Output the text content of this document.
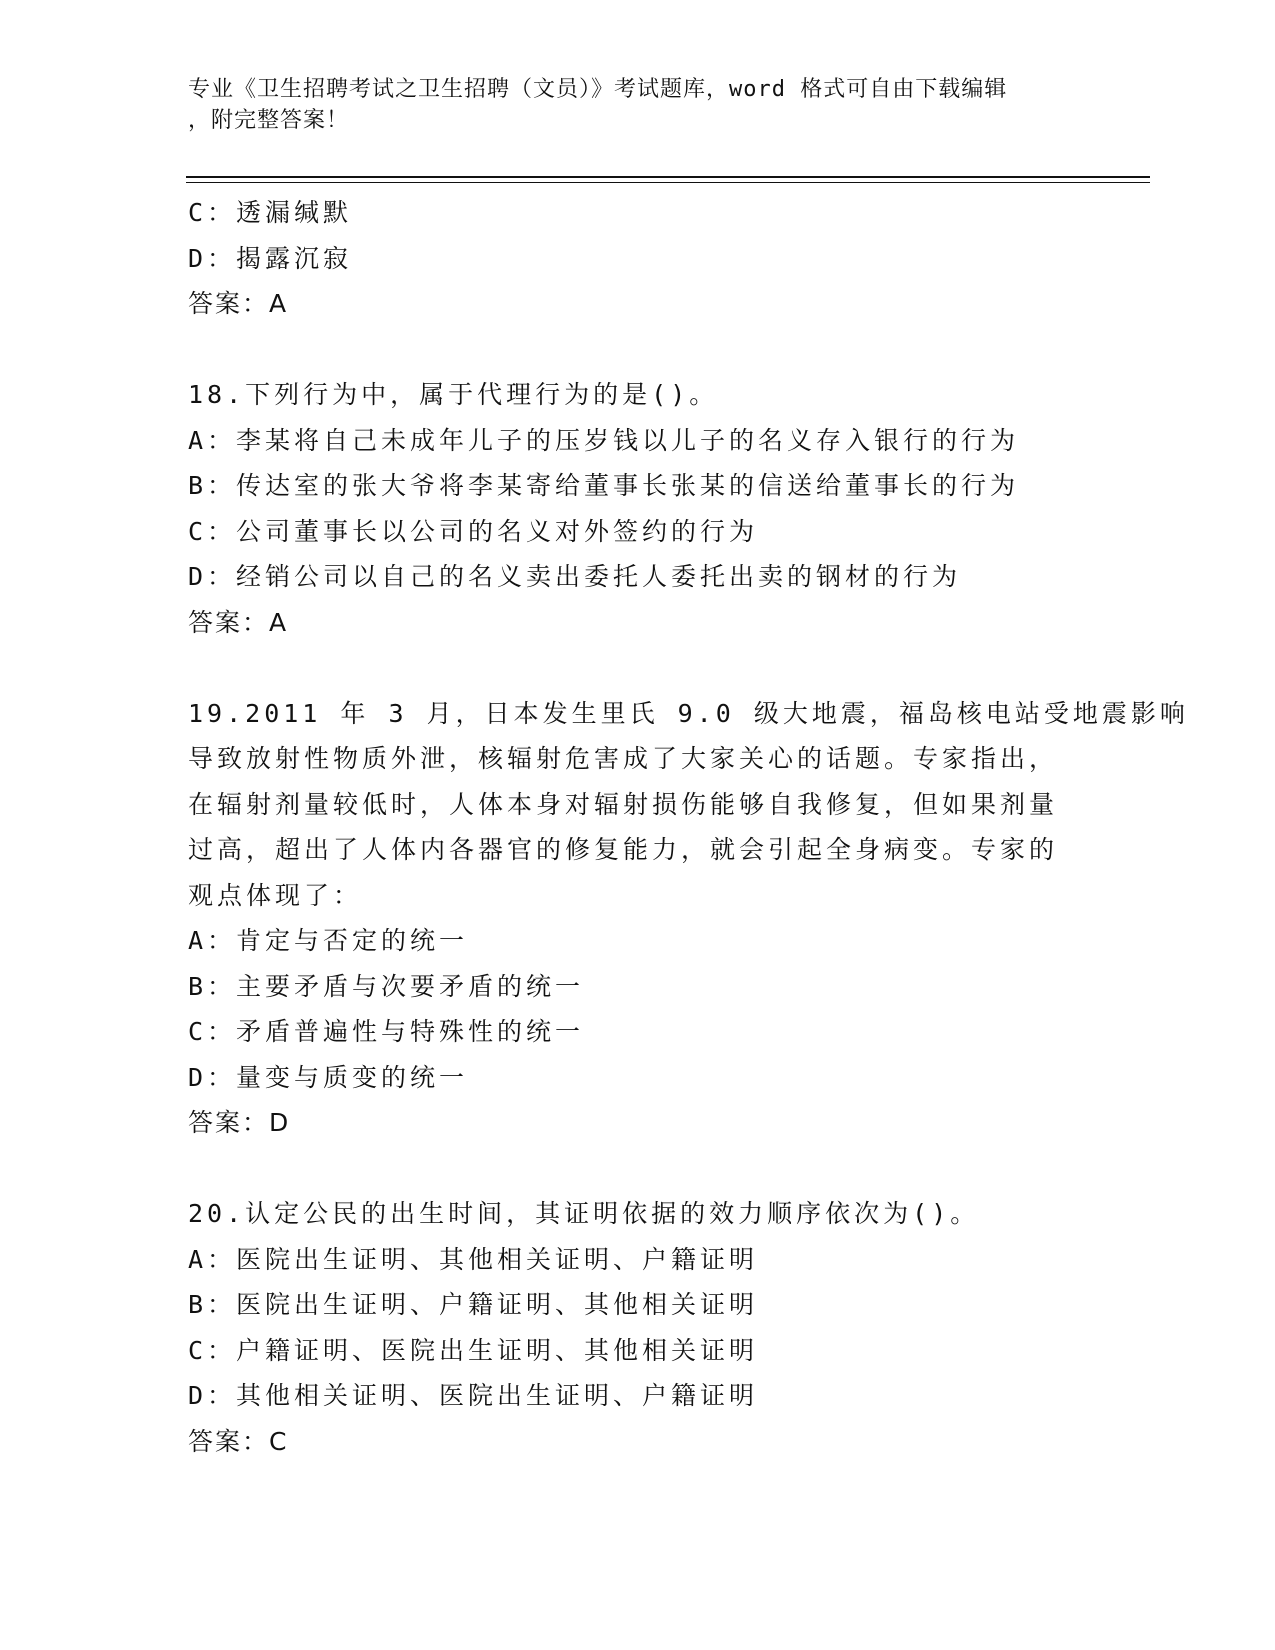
专业《卫生招聘考试之卫生招聘（文员）》考试题库，word 格式可自由下载编辑
，附完整答案！
C：透漏缄默
D：揭露沉寂
答案：A
18.下列行为中，属于代理行为的是()。
A：李某将自己未成年儿子的压岁钱以儿子的名义存入银行的行为
B：传达室的张大爷将李某寄给董事长张某的信送给董事长的行为
C：公司董事长以公司的名义对外签约的行为
D：经销公司以自己的名义卖出委托人委托出卖的钢材的行为
答案：A
19.2011 年 3 月，日本发生里氏 9.0 级大地震，福岛核电站受地震影响
导致放射性物质外泄，核辐射危害成了大家关心的话题。专家指出，
在辐射剂量较低时，人体本身对辐射损伤能够自我修复，但如果剂量
过高，超出了人体内各器官的修复能力，就会引起全身病变。专家的
观点体现了：
A：肯定与否定的统一
B：主要矛盾与次要矛盾的统一
C：矛盾普遍性与特殊性的统一
D：量变与质变的统一
答案：D
20.认定公民的出生时间，其证明依据的效力顺序依次为()。
A：医院出生证明、其他相关证明、户籍证明
B：医院出生证明、户籍证明、其他相关证明
C：户籍证明、医院出生证明、其他相关证明
D：其他相关证明、医院出生证明、户籍证明
答案：C
